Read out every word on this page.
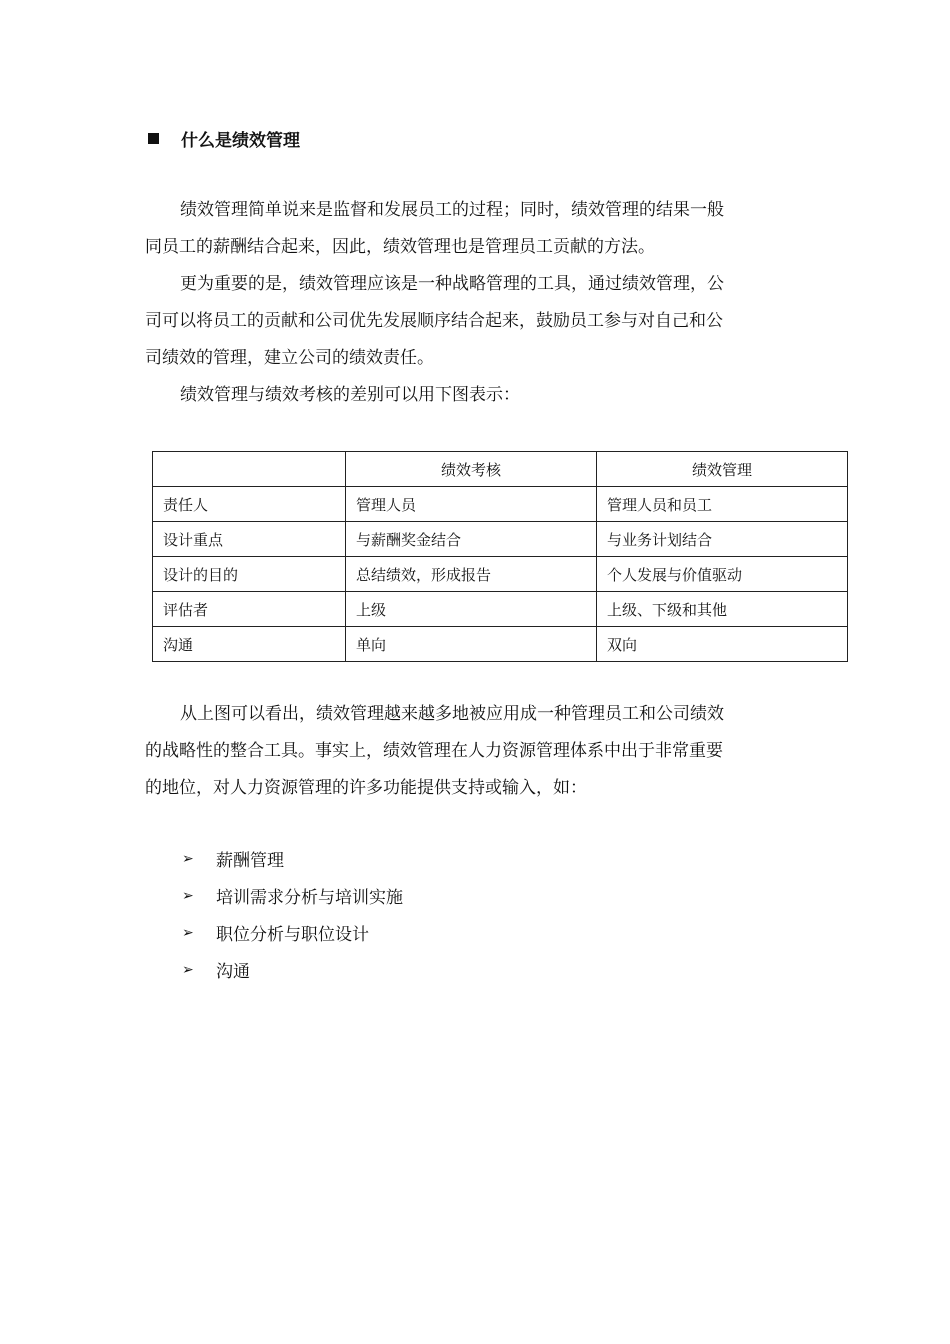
什么是绩效管理

绩效管理简单说来是监督和发展员工的过程；同时，绩效管理的结果一般
同员工的薪酬结合起来，因此，绩效管理也是管理员工贡献的方法。

更为重要的是，绩效管理应该是一种战略管理的工具，通过绩效管理，公
司可以将员工的贡献和公司优先发展顺序结合起来，鼓励员工参与对自己和公
司绩效的管理，建立公司的绩效责任。

绩效管理与绩效考核的差别可以用下图表示：

	绩效考核	绩效管理
责任人	管理人员	管理人员和员工
设计重点	与薪酬奖金结合	与业务计划结合
设计的目的	总结绩效，形成报告	个人发展与价值驱动
评估者	上级	上级、下级和其他
沟通	单向	双向

从上图可以看出，绩效管理越来越多地被应用成一种管理员工和公司绩效
的战略性的整合工具。事实上，绩效管理在人力资源管理体系中出于非常重要
的地位，对人力资源管理的许多功能提供支持或输入，如：

➢ 薪酬管理
➢ 培训需求分析与培训实施
➢ 职位分析与职位设计
➢ 沟通
